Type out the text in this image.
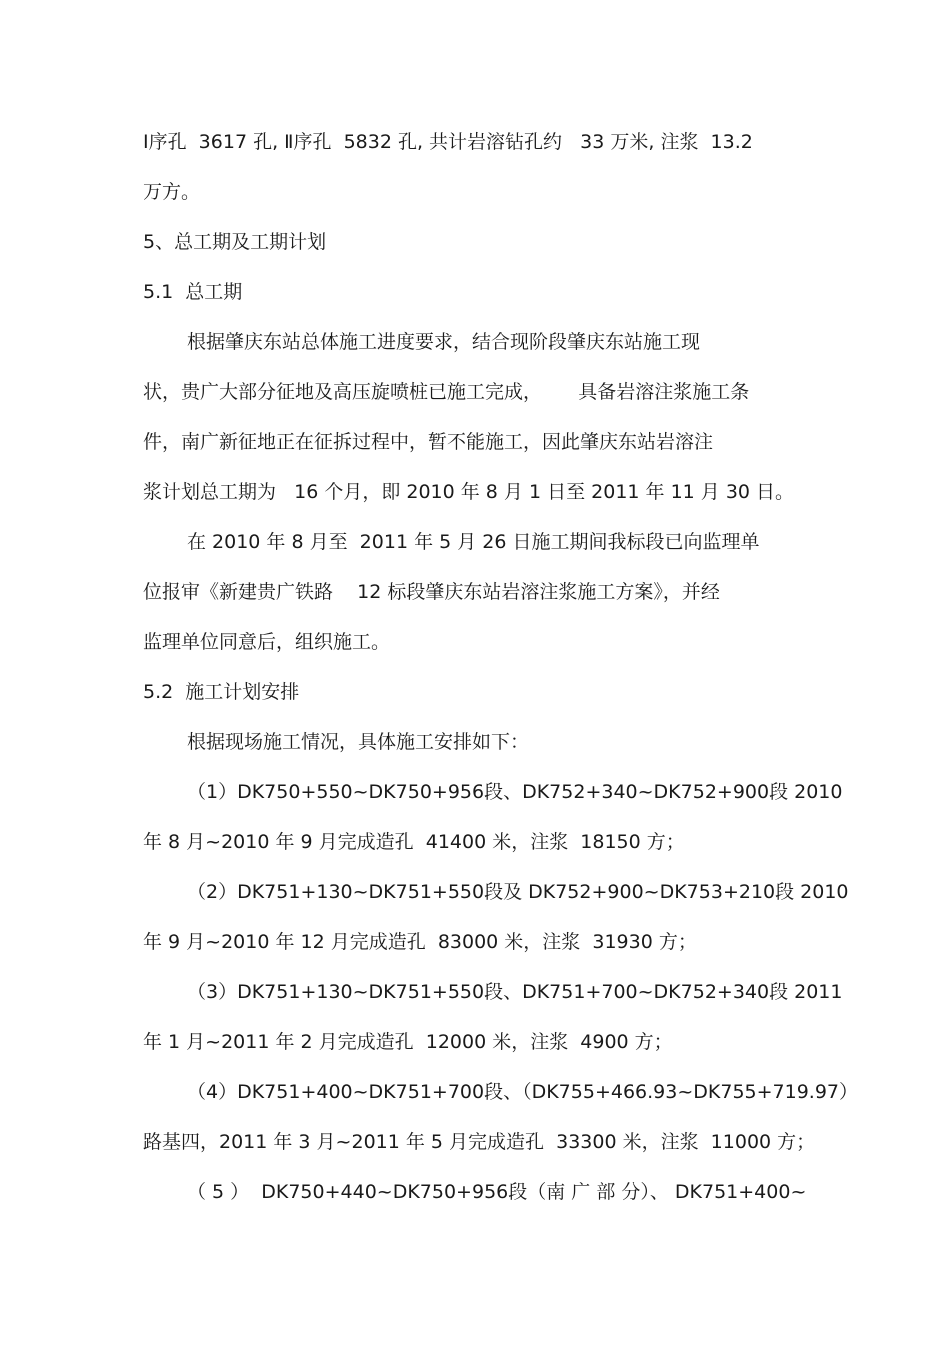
Ⅰ序孔  3617 孔, Ⅱ序孔  5832 孔, 共计岩溶钻孔约   33 万米, 注浆  13.2
万方。
5、总工期及工期计划
5.1  总工期
根据肇庆东站总体施工进度要求，结合现阶段肇庆东站施工现
状，贵广大部分征地及高压旋喷桩已施工完成，      具备岩溶注浆施工条
件，南广新征地正在征拆过程中，暂不能施工，因此肇庆东站岩溶注
浆计划总工期为   16 个月，即 2010 年 8 月 1 日至 2011 年 11 月 30 日。
在 2010 年 8 月至  2011 年 5 月 26 日施工期间我标段已向监理单
位报审《新建贵广铁路    12 标段肇庆东站岩溶注浆施工方案》，并经
监理单位同意后，组织施工。
5.2  施工计划安排
根据现场施工情况，具体施工安排如下：
（1）DK750+550~DK750+956段、DK752+340~DK752+900段 2010
年 8 月~2010 年 9 月完成造孔  41400 米，注浆  18150 方；
（2）DK751+130~DK751+550段及 DK752+900~DK753+210段 2010
年 9 月~2010 年 12 月完成造孔  83000 米，注浆  31930 方；
（3）DK751+130~DK751+550段、DK751+700~DK752+340段 2011
年 1 月~2011 年 2 月完成造孔  12000 米，注浆  4900 方；
（4）DK751+400~DK751+700段、（DK755+466.93~DK755+719.97）
路基四，2011 年 3 月~2011 年 5 月完成造孔  33300 米，注浆  11000 方；
（ 5 ）  DK750+440~DK750+956段（南 广 部 分）、 DK751+400~
